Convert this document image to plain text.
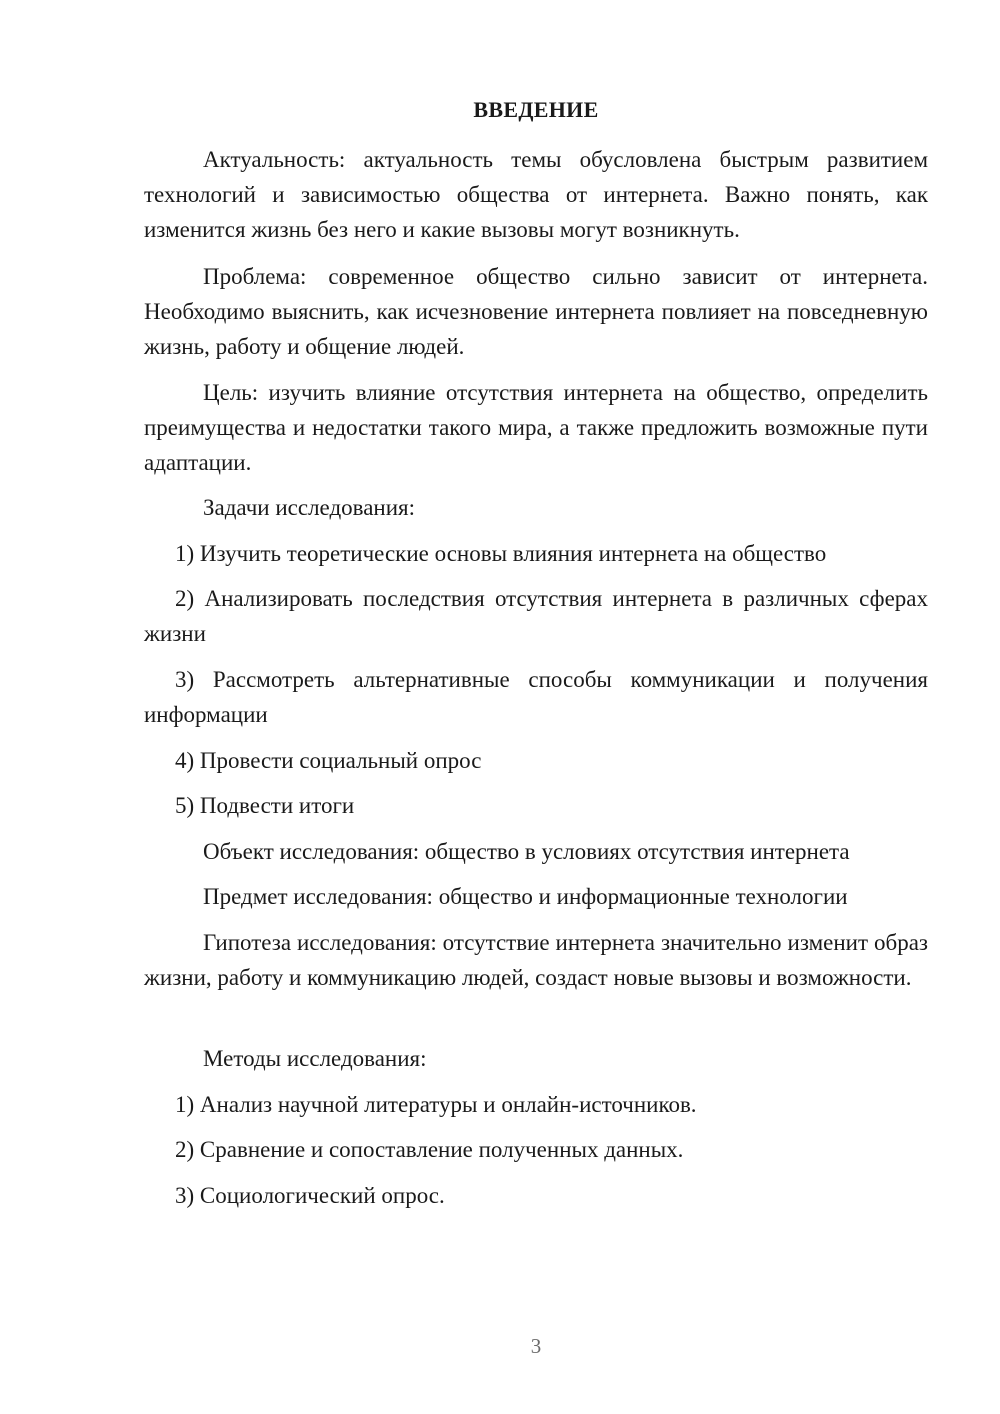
ВВЕДЕНИЕ

Актуальность: актуальность темы обусловлена быстрым развитием технологий и зависимостью общества от интернета. Важно понять, как изменится жизнь без него и какие вызовы могут возникнуть.

Проблема: современное общество сильно зависит от интернета. Необходимо выяснить, как исчезновение интернета повлияет на повседневную жизнь, работу и общение людей.

Цель: изучить влияние отсутствия интернета на общество, определить преимущества и недостатки такого мира, а также предложить возможные пути адаптации.

Задачи исследования:

1) Изучить теоретические основы влияния интернета на общество

2) Анализировать последствия отсутствия интернета в различных сферах жизни

3) Рассмотреть альтернативные способы коммуникации и получения информации

4) Провести социальный опрос

5) Подвести итоги

Объект исследования: общество в условиях отсутствия интернета

Предмет исследования: общество и информационные технологии

Гипотеза исследования: отсутствие интернета значительно изменит образ жизни, работу и коммуникацию людей, создаст новые вызовы и возможности.

Методы исследования:

1) Анализ научной литературы и онлайн-источников.

2) Сравнение и сопоставление полученных данных.

3) Социологический опрос.

3
